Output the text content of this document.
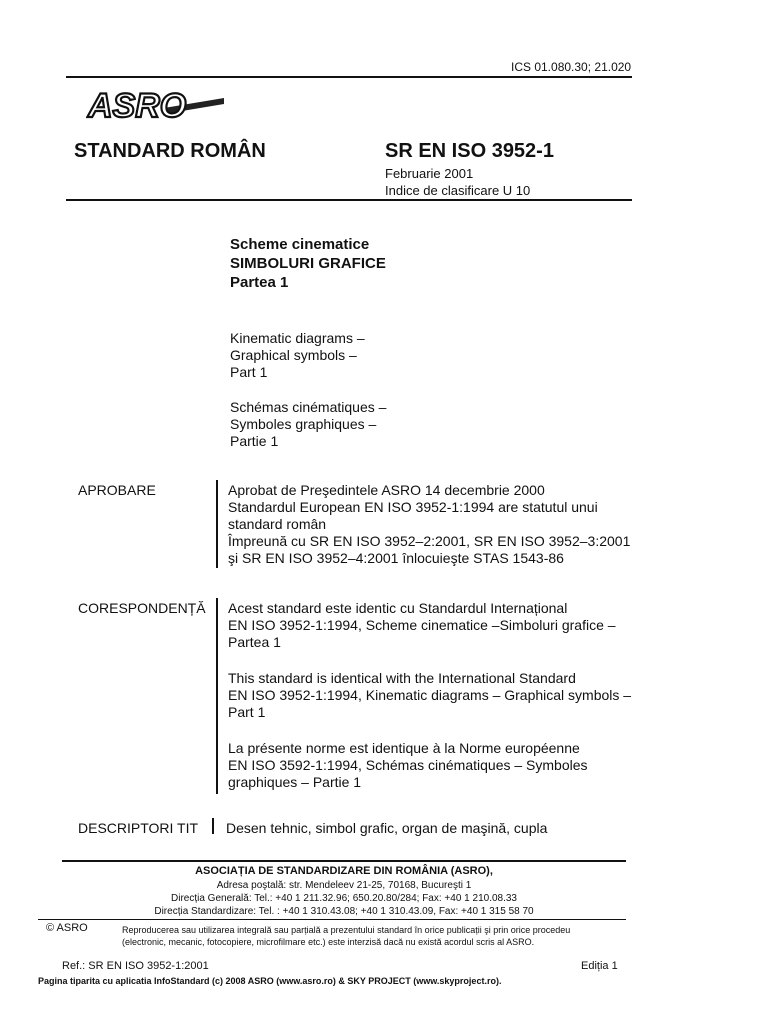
ICS 01.080.30; 21.020
ASRO
STANDARD ROMÂN	SR EN ISO 3952-1
Februarie 2001
Indice de clasificare U 10
Scheme cinematice
SIMBOLURI GRAFICE
Partea 1
Kinematic diagrams –
Graphical symbols –
Part 1
Schémas cinématiques –
Symboles graphiques –
Partie 1
APROBARE	Aprobat de Preşedintele ASRO 14 decembrie 2000
Standardul European EN ISO 3952-1:1994 are statutul unui
standard român
Împreună cu SR EN ISO 3952–2:2001, SR EN ISO 3952–3:2001
şi SR EN ISO 3952–4:2001 înlocuieşte STAS 1543-86
CORESPONDENȚĂ Acest standard este identic cu Standardul Internațional
EN ISO 3952-1:1994, Scheme cinematice –Simboluri grafice –
Partea 1
This standard is identical with the International Standard
EN ISO 3952-1:1994, Kinematic diagrams – Graphical symbols –
Part 1
La présente norme est identique à la Norme européenne
EN ISO 3592-1:1994, Schémas cinématiques – Symboles
graphiques – Partie 1
DESCRIPTORI TIT Desen tehnic, simbol grafic, organ de maşină, cupla
ASOCIAȚIA DE STANDARDIZARE DIN ROMÂNIA (ASRO),
Adresa poştală: str. Mendeleev 21-25, 70168, Bucureşti 1
Direcția Generală: Tel.: +40 1 211.32.96; 650.20.80/284; Fax: +40 1 210.08.33
Direcția Standardizare: Tel. : +40 1 310.43.08; +40 1 310.43.09, Fax: +40 1 315 58 70
© ASRO	Reproducerea sau utilizarea integrală sau parțială a prezentului standard în orice publicații şi prin orice procedeu
(electronic, mecanic, fotocopiere, microfilmare etc.) este interzisă dacă nu există acordul scris al ASRO.
Ref.: SR EN ISO 3952-1:2001	Ediția 1
Pagina tiparita cu aplicatia InfoStandard (c) 2008 ASRO (www.asro.ro) & SKY PROJECT (www.skyproject.ro).
